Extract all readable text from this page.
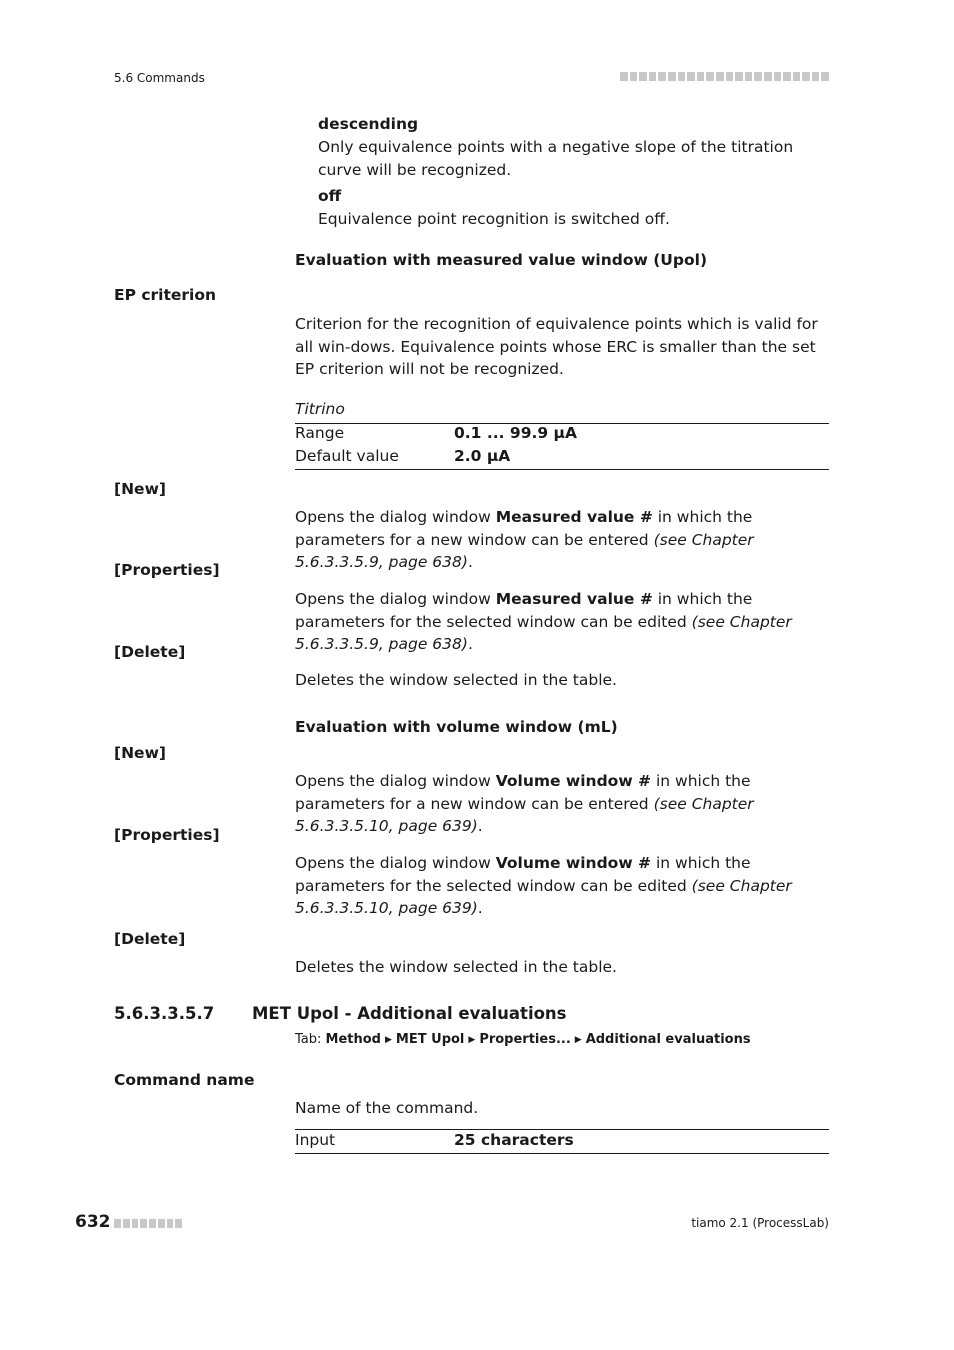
5.6 Commands
descending
Only equivalence points with a negative slope of the titration curve will be recognized.
off
Equivalence point recognition is switched off.
Evaluation with measured value window (Upol)
EP criterion
Criterion for the recognition of equivalence points which is valid for all win-dows. Equivalence points whose ERC is smaller than the set EP criterion will not be recognized.
Titrino
Range	0.1 ... 99.9 µA
Default value	2.0 µA
[New]
Opens the dialog window Measured value # in which the parameters for a new window can be entered (see Chapter 5.6.3.3.5.9, page 638).
[Properties]
Opens the dialog window Measured value # in which the parameters for the selected window can be edited (see Chapter 5.6.3.3.5.9, page 638).
[Delete]
Deletes the window selected in the table.
Evaluation with volume window (mL)
[New]
Opens the dialog window Volume window # in which the parameters for a new window can be entered (see Chapter 5.6.3.3.5.10, page 639).
[Properties]
Opens the dialog window Volume window # in which the parameters for the selected window can be edited (see Chapter 5.6.3.3.5.10, page 639).
[Delete]
Deletes the window selected in the table.
5.6.3.3.5.7 MET Upol - Additional evaluations
Tab: Method ▶ MET Upol ▶ Properties... ▶ Additional evaluations
Command name
Name of the command.
Input	25 characters
632	tiamo 2.1 (ProcessLab)
